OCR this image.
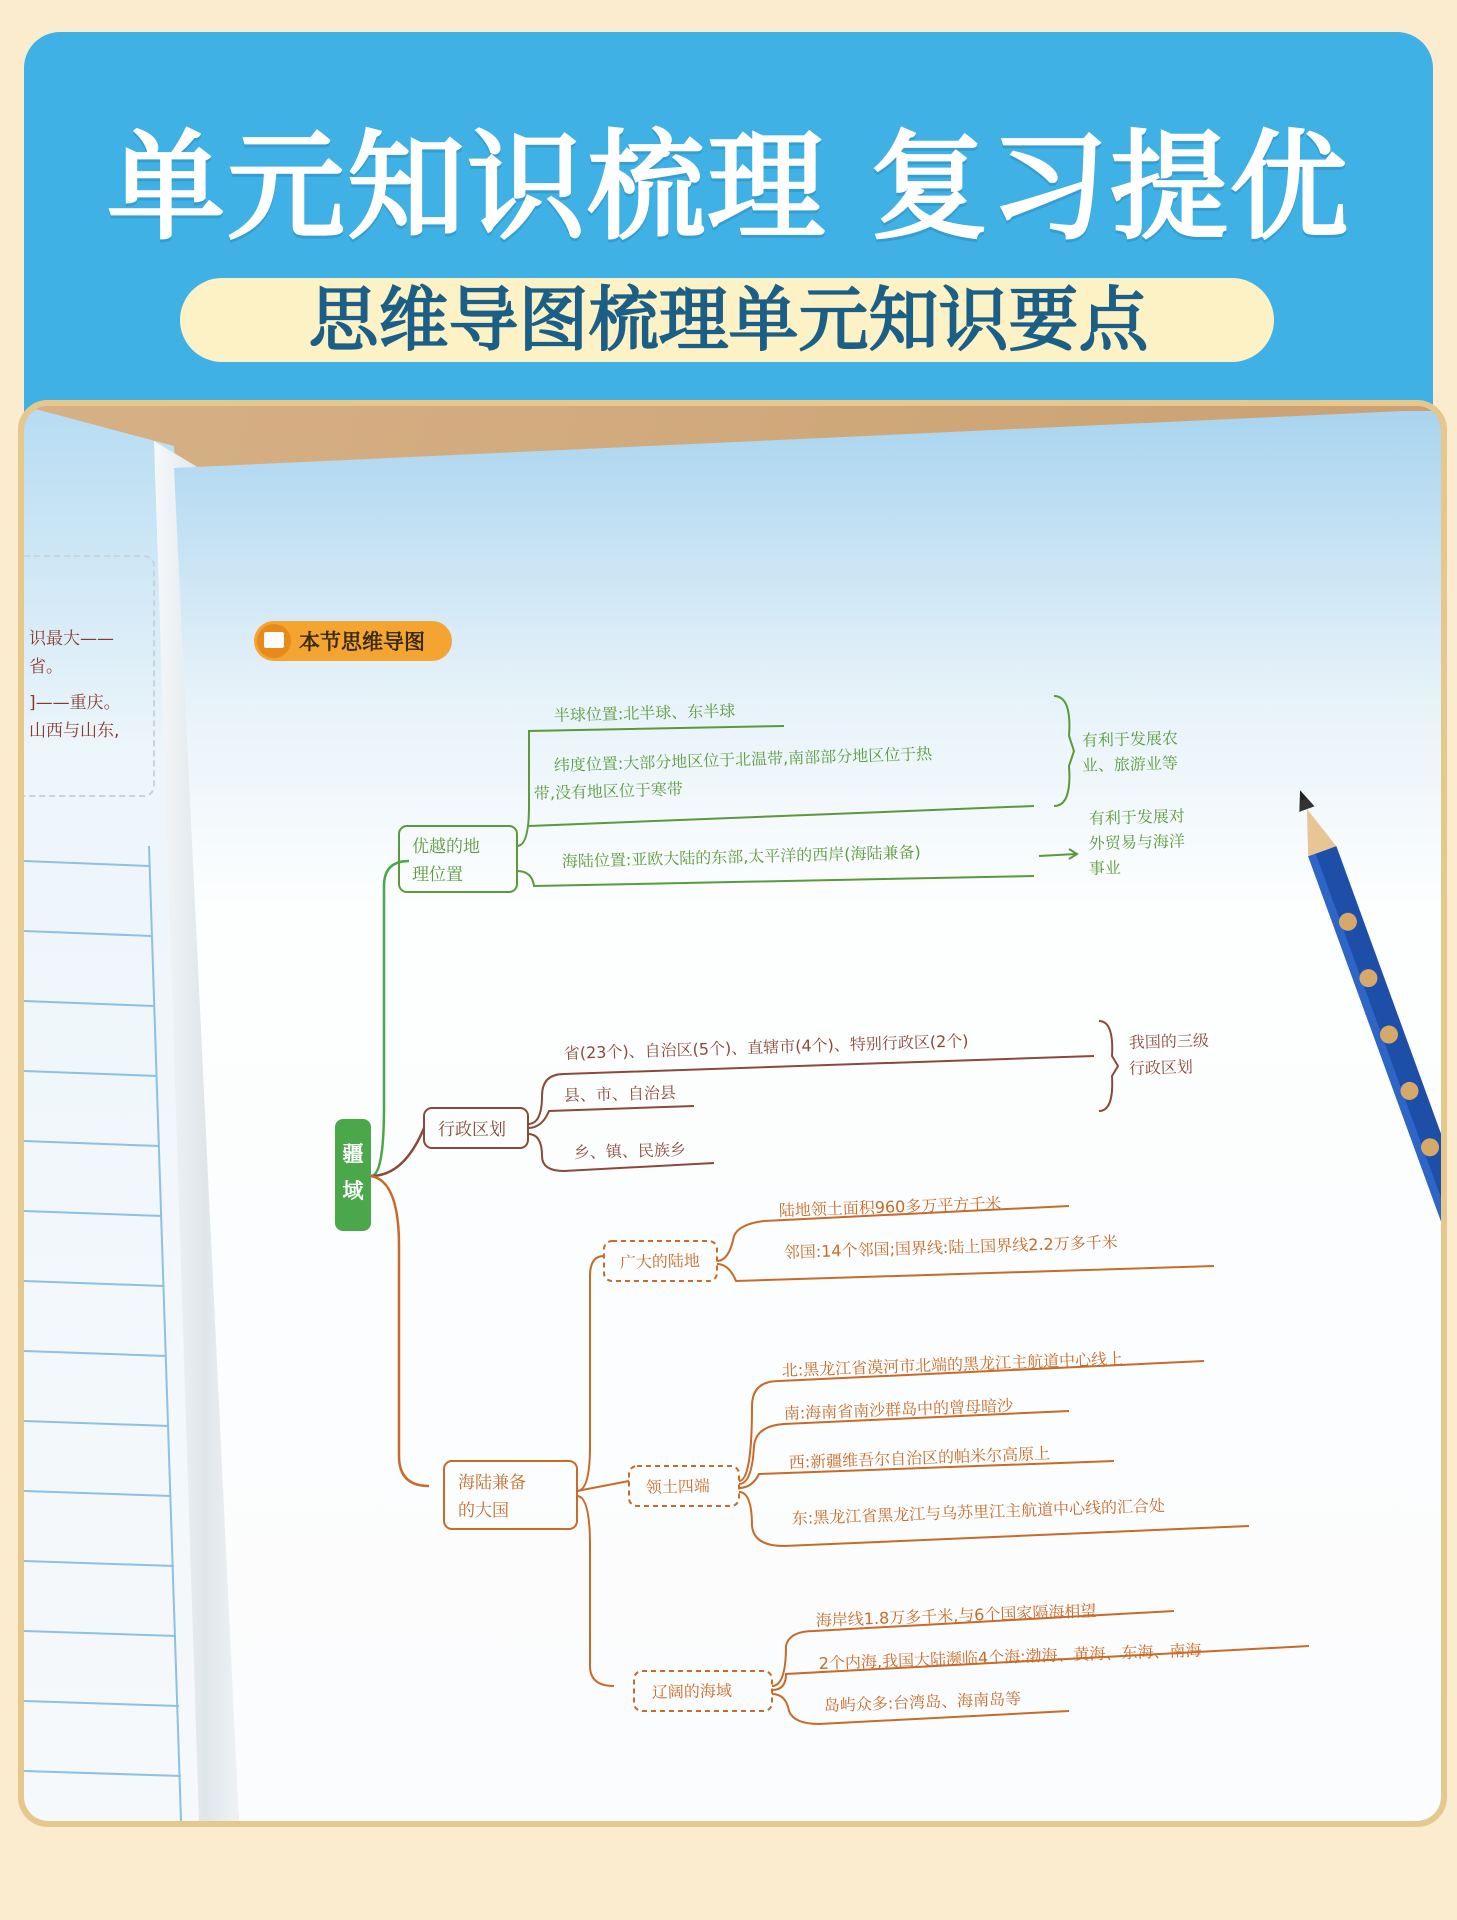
单元知识梳理 复习提优
思维导图梳理单元知识要点
识最大——
省。
]——重庆。
山西与山东,
本节思维导图
疆
域
优越的地
理位置
半球位置:北半球、东半球
纬度位置:大部分地区位于北温带,南部部分地区位于热
带,没有地区位于寒带
海陆位置:亚欧大陆的东部,太平洋的西岸(海陆兼备)
有利于发展农
业、旅游业等
有利于发展对
外贸易与海洋
事业
行政区划
省(23个)、自治区(5个)、直辖市(4个)、特别行政区(2个)
县、市、自治县
乡、镇、民族乡
我国的三级
行政区划
海陆兼备
的大国
广大的陆地
陆地领土面积960多万平方千米
邻国:14个邻国;国界线:陆上国界线2.2万多千米
领土四端
北:黑龙江省漠河市北端的黑龙江主航道中心线上
南:海南省南沙群岛中的曾母暗沙
西:新疆维吾尔自治区的帕米尔高原上
东:黑龙江省黑龙江与乌苏里江主航道中心线的汇合处
辽阔的海域
海岸线1.8万多千米,与6个国家隔海相望
2个内海,我国大陆濒临4个海:渤海、黄海、东海、南海
岛屿众多:台湾岛、海南岛等
